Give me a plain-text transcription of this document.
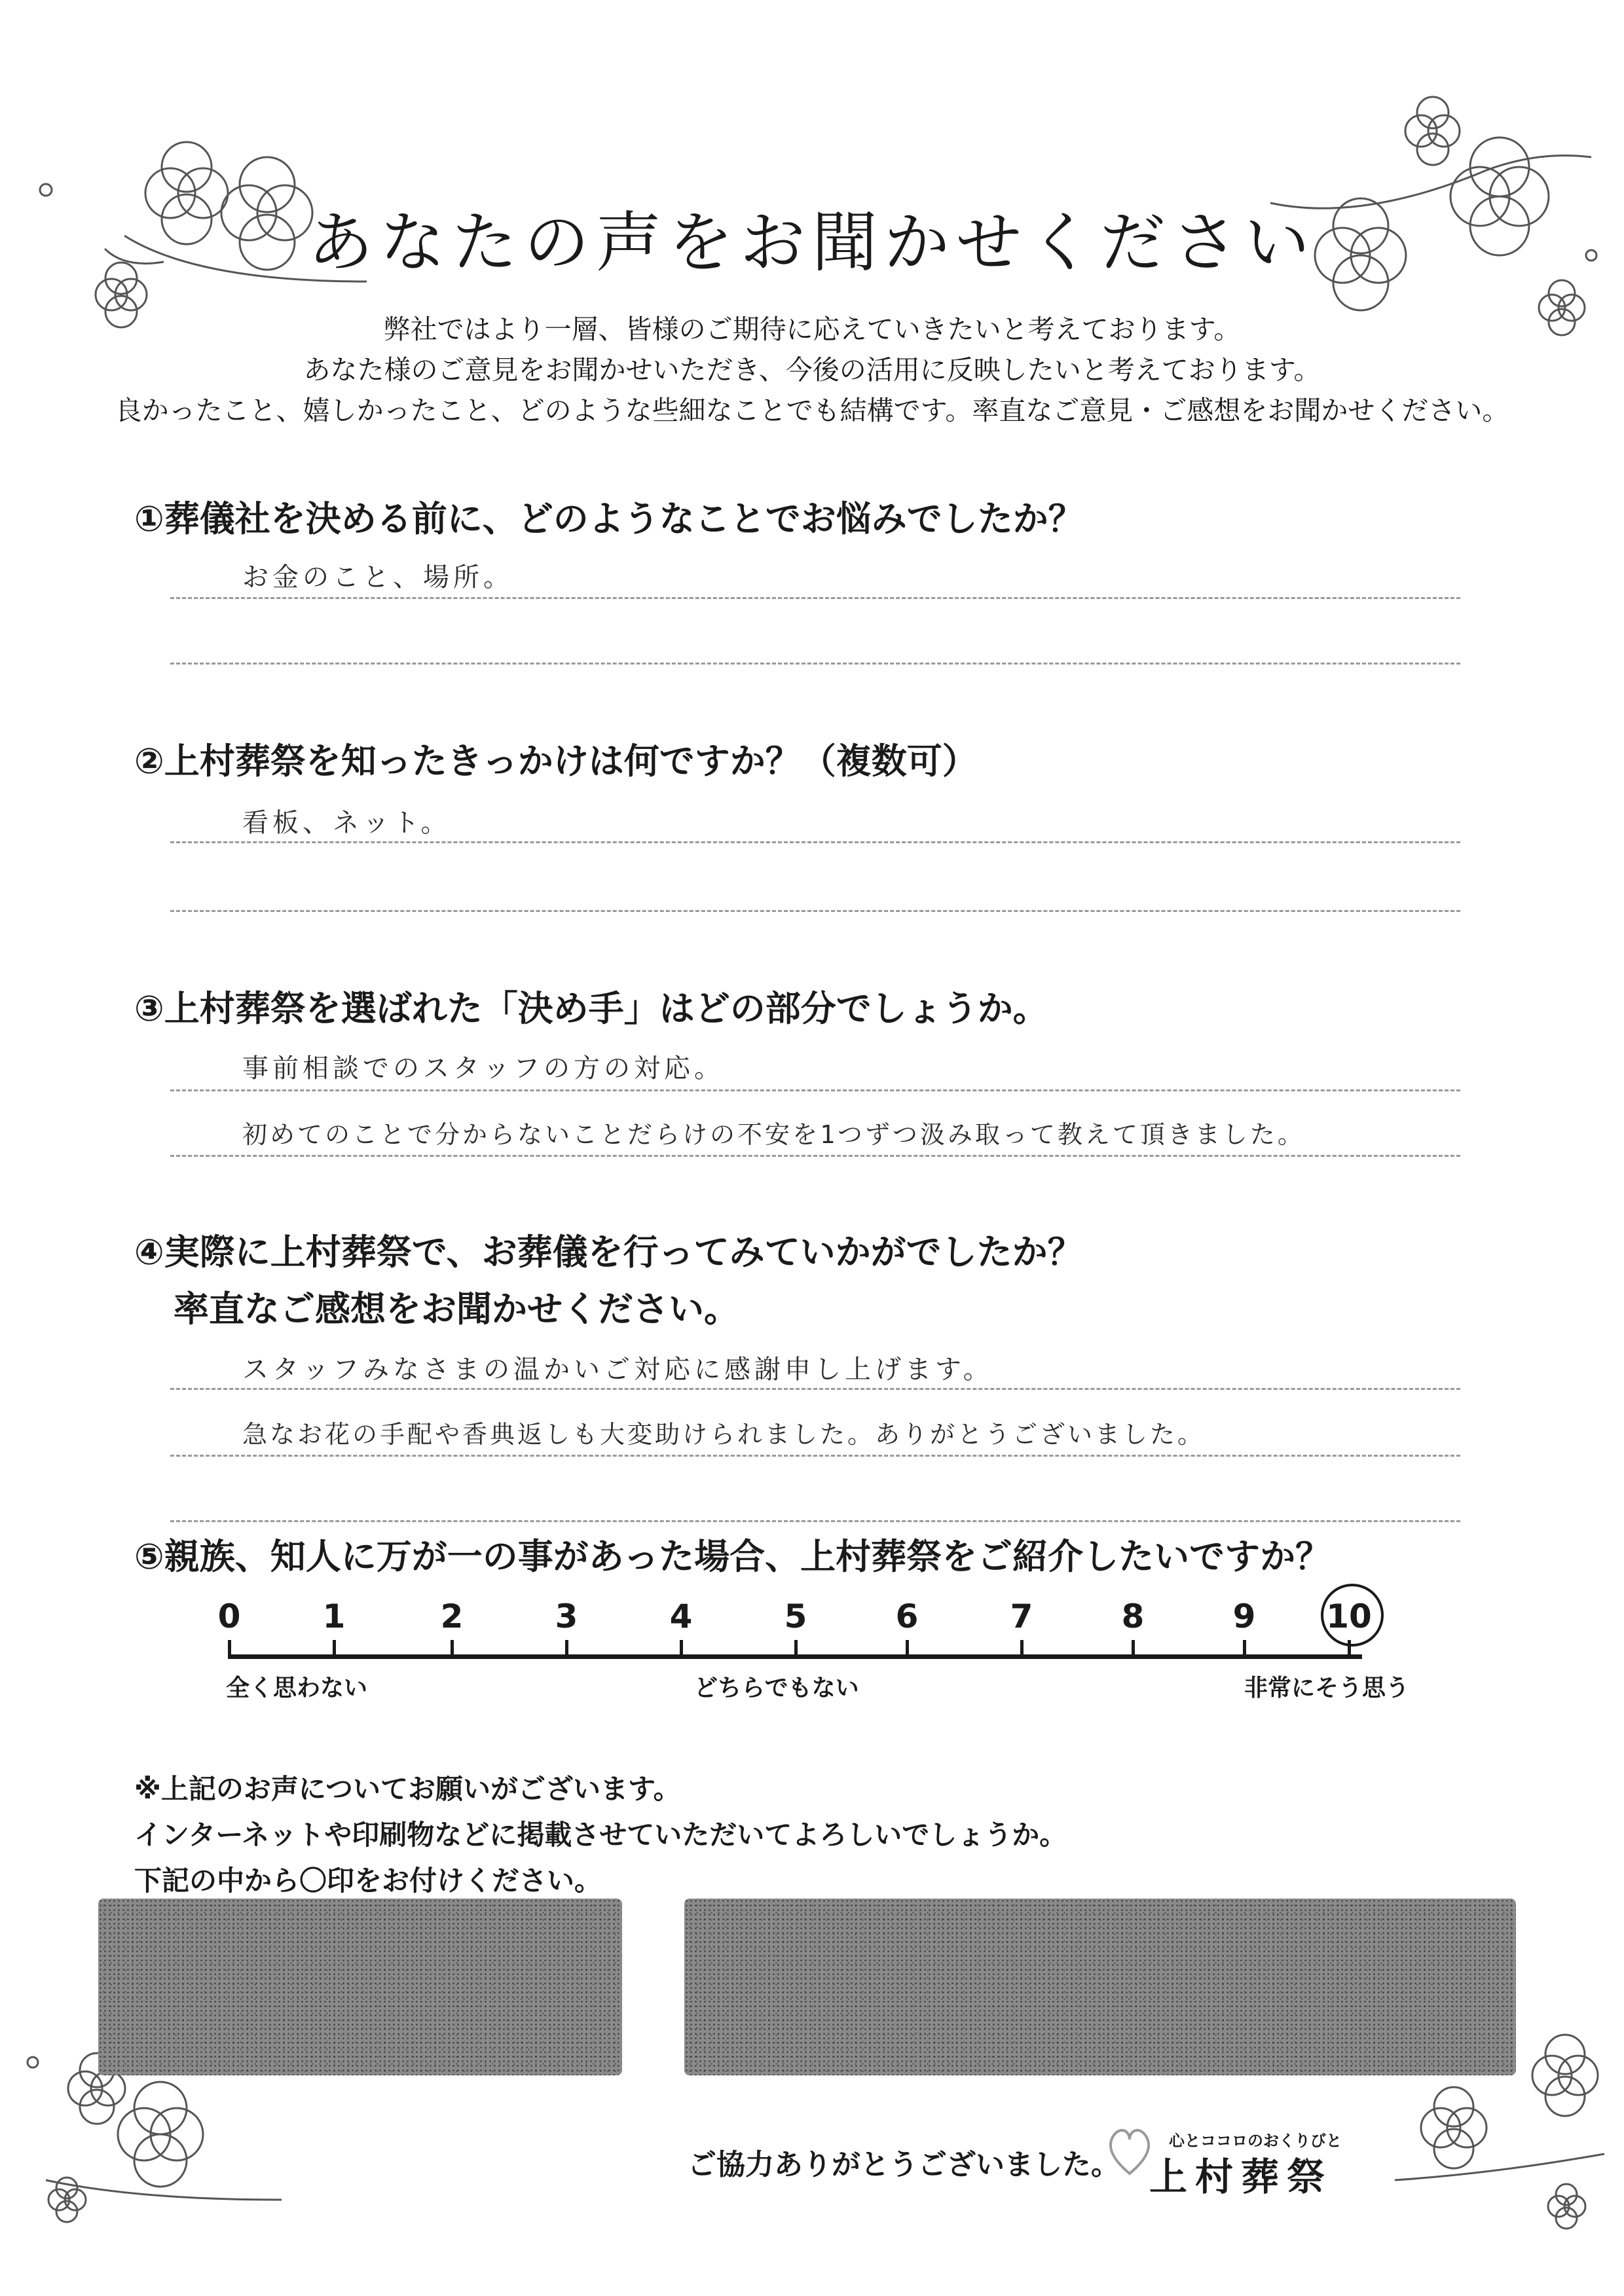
あなたの声をお聞かせください

弊社ではより一層、皆様のご期待に応えていきたいと考えております。

あなた様のご意見をお聞かせいただき、今後の活用に反映したいと考えております。

良かったこと、嬉しかったこと、どのような些細なことでも結構です。率直なご意見・ご感想をお聞かせください。

①葬儀社を決める前に、どのようなことでお悩みでしたか？

お金のこと、場所。

②上村葬祭を知ったきっかけは何ですか？（複数可）

看板、ネット。

③上村葬祭を選ばれた「決め手」はどの部分でしょうか。

事前相談でのスタッフの方の対応。
初めてのことで分からないことだらけの不安を1つずつ汲み取って教えて頂きました。

④実際に上村葬祭で、お葬儀を行ってみていかがでしたか？

率直なご感想をお聞かせください。

スタッフみなさまの温かいご対応に感謝申し上げます。
急なお花の手配や香典返しも大変助けられました。ありがとうございました。

⑤親族、知人に万が一の事があった場合、上村葬祭をご紹介したいですか？

0	1	2	3	4	5	6	7	8	9	10
全く思わない	どちらでもない	非常にそう思う

※上記のお声についてお願いがございます。

インターネットや印刷物などに掲載させていただいてよろしいでしょうか。

下記の中から〇印をお付けください。

ご協力ありがとうございました。

心とココロのおくりびと
上村葬祭
